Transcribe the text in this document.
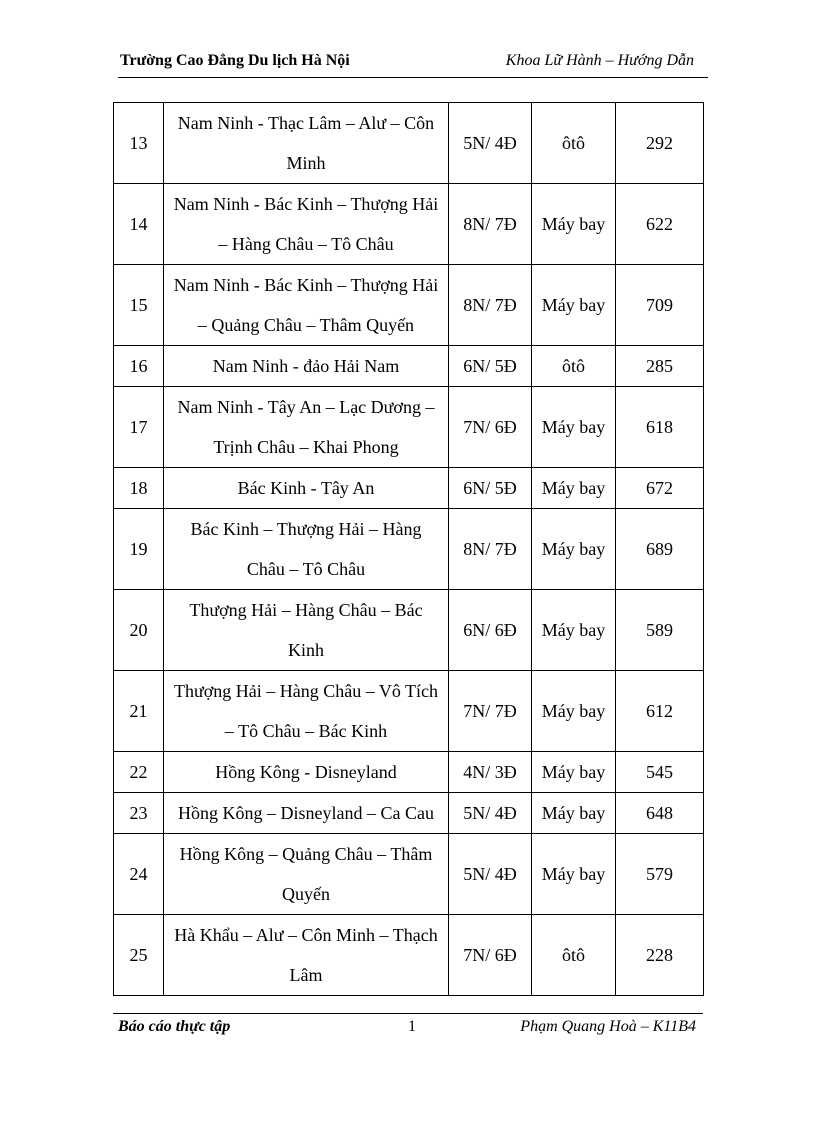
Trường Cao Đẳng Du lịch Hà Nội	Khoa Lữ Hành – Hướng Dẫn
13	Nam Ninh - Thạc Lâm – Alư – Côn Minh	5N/ 4Đ	ôtô	292
14	Nam Ninh - Bác Kinh – Thượng Hải – Hàng Châu – Tô Châu	8N/ 7Đ	Máy bay	622
15	Nam Ninh - Bác Kinh – Thượng Hải – Quảng Châu – Thâm Quyến	8N/ 7Đ	Máy bay	709
16	Nam Ninh - đảo Hải Nam	6N/ 5Đ	ôtô	285
17	Nam Ninh - Tây An – Lạc Dương – Trịnh Châu – Khai Phong	7N/ 6Đ	Máy bay	618
18	Bác Kinh - Tây An	6N/ 5Đ	Máy bay	672
19	Bác Kinh – Thượng Hải – Hàng Châu – Tô Châu	8N/ 7Đ	Máy bay	689
20	Thượng Hải – Hàng Châu – Bác Kinh	6N/ 6Đ	Máy bay	589
21	Thượng Hải – Hàng Châu – Vô Tích – Tô Châu – Bác Kinh	7N/ 7Đ	Máy bay	612
22	Hồng Kông - Disneyland	4N/ 3Đ	Máy bay	545
23	Hồng Kông – Disneyland – Ca Cau	5N/ 4Đ	Máy bay	648
24	Hồng Kông – Quảng Châu – Thâm Quyến	5N/ 4Đ	Máy bay	579
25	Hà Khẩu – Alư – Côn Minh – Thạch Lâm	7N/ 6Đ	ôtô	228
Báo cáo thực tập	1	Phạm Quang Hoà – K11B4
